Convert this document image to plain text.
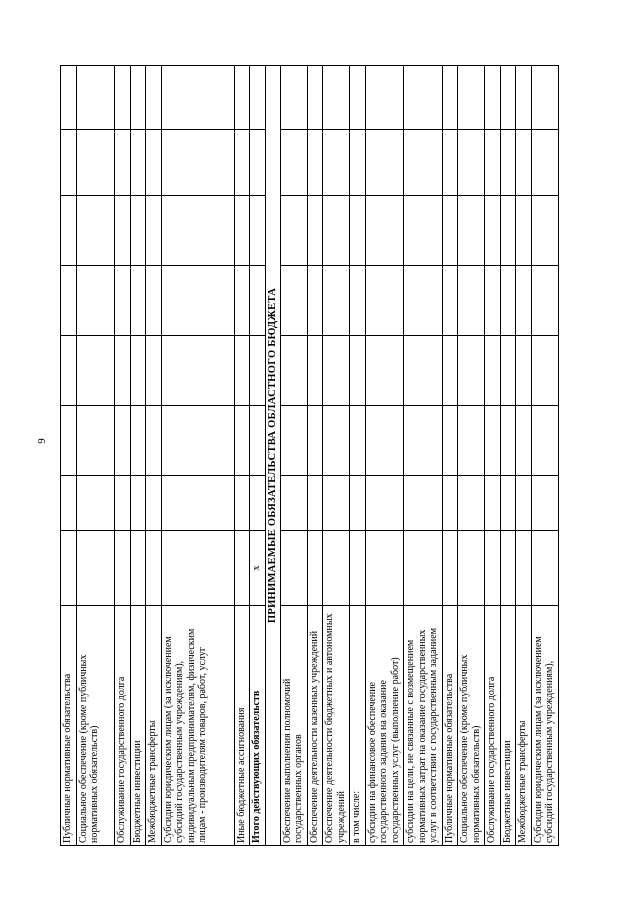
9
Публичные нормативные обязательства								
Социальное обеспечение (кроме публичных нормативных обязательств)								
Обслуживание государственного долга								
Бюджетные инвестиции								
Межбюджетные трансферты								
Субсидии юридическим лицам (за исключением субсидий государственным учреждениям), индивидуальным предпринимателям, физическим лицам - производителям товаров, работ, услуг								
Иные бюджетные ассигнования								
Итого действующих обязательств	x							
ПРИНИМАЕМЫЕ ОБЯЗАТЕЛЬСТВА ОБЛАСТНОГО БЮДЖЕТА								
Обеспечение выполнения полномочий государственных органов								
Обеспечение деятельности казенных учреждений								
Обеспечение деятельности бюджетных и автономных учреждений								
в том числе:								
субсидии на финансовое обеспечение государственного задания на оказание государственных услуг (выполнение работ)								
субсидии на цели, не связанные с возмещением нормативных затрат на оказание государственных услуг в соответствии с государственным заданием								
Публичные нормативные обязательства								
Социальное обеспечение (кроме публичных нормативных обязательств)								
Обслуживание государственного долга								
Бюджетные инвестиции								
Межбюджетные трансферты								
Субсидии юридическим лицам (за исключением субсидий государственным учреждениям),								
